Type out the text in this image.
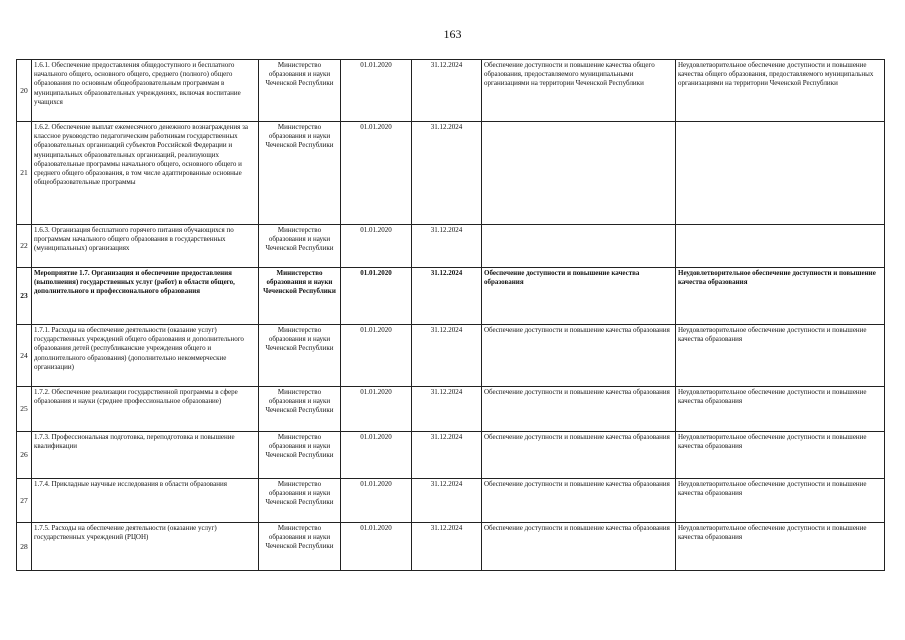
163
20	1.6.1. Обеспечение предоставления общедоступного и бесплатного начального общего, основного общего, среднего (полного) общего образования по основным общеобразовательным программам в муниципальных образовательных учреждениях, включая воспитание учащихся	Министерство образования и науки Чеченской Республики	01.01.2020	31.12.2024	Обеспечение доступности и повышение качества общего образования, предоставляемого муниципальными организациями на территории Чеченской Республики	Неудовлетворительное обеспечение доступности и повышение качества общего образования, предоставляемого муниципальных организациями на территории Чеченской Республики
21	1.6.2. Обеспечение выплат ежемесячного денежного вознаграждения за классное руководство педагогическим работникам государственных образовательных организаций субъектов Российской Федерации и муниципальных образовательных организаций, реализующих образовательные программы начального общего, основного общего и среднего общего образования, в том числе адаптированные основные общеобразовательные программы	Министерство образования и науки Чеченской Республики	01.01.2020	31.12.2024		
22	1.6.3. Организация бесплатного горячего питания обучающихся по программам начального общего образования в государственных (муниципальных) организациях	Министерство образования и науки Чеченской Республики	01.01.2020	31.12.2024		
23	Мероприятие 1.7. Организация и обеспечение предоставления (выполнения) государственных услуг (работ) в области общего, дополнительного и профессионального образования	Министерство образования и науки Чеченской Республики	01.01.2020	31.12.2024	Обеспечение доступности и повышение качества образования	Неудовлетворительное обеспечение доступности и повышение качества образования
24	1.7.1. Расходы на обеспечение деятельности (оказание услуг) государственных учреждений общего образования и дополнительного образования детей (республиканские учреждения общего и дополнительного образования) (дополнительно некоммерческие организации)	Министерство образования и науки Чеченской Республики	01.01.2020	31.12.2024	Обеспечение доступности и повышение качества образования	Неудовлетворительное обеспечение доступности и повышение качества образования
25	1.7.2. Обеспечение реализации государственной программы в сфере образования и науки (среднее профессиональное образование)	Министерство образования и науки Чеченской Республики	01.01.2020	31.12.2024	Обеспечение доступности и повышение качества образования	Неудовлетворительное обеспечение доступности и повышение качества образования
26	1.7.3. Профессиональная подготовка, переподготовка и повышение квалификации	Министерство образования и науки Чеченской Республики	01.01.2020	31.12.2024	Обеспечение доступности и повышение качества образования	Неудовлетворительное обеспечение доступности и повышение качества образования
27	1.7.4. Прикладные научные исследования в области образования	Министерство образования и науки Чеченской Республики	01.01.2020	31.12.2024	Обеспечение доступности и повышение качества образования	Неудовлетворительное обеспечение доступности и повышение качества образования
28	1.7.5. Расходы на обеспечение деятельности (оказание услуг) государственных учреждений (РЦОН)	Министерство образования и науки Чеченской Республики	01.01.2020	31.12.2024	Обеспечение доступности и повышение качества образования	Неудовлетворительное обеспечение доступности и повышение качества образования
